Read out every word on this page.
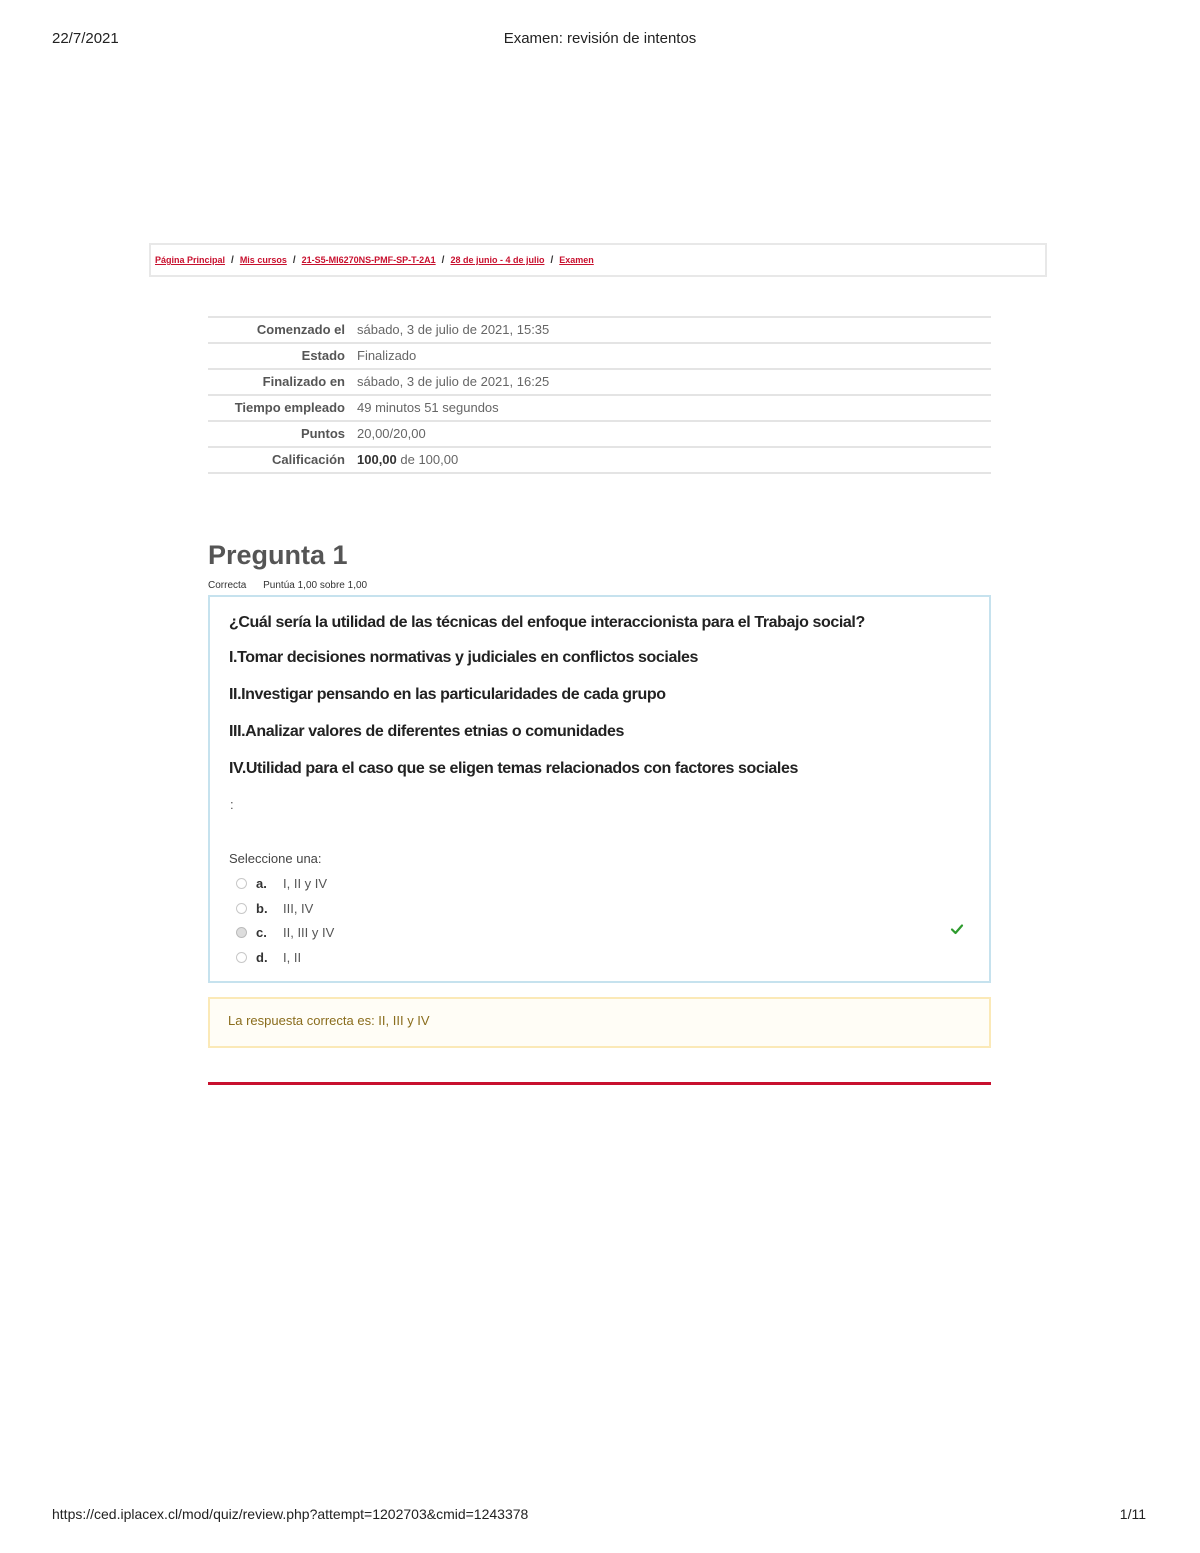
22/7/2021	Examen: revisión de intentos
Página Principal / Mis cursos / 21-S5-MI6270NS-PMF-SP-T-2A1 / 28 de junio - 4 de julio / Examen
Comenzado el	sábado, 3 de julio de 2021, 15:35
Estado	Finalizado
Finalizado en	sábado, 3 de julio de 2021, 16:25
Tiempo empleado	49 minutos 51 segundos
Puntos	20,00/20,00
Calificación	100,00 de 100,00
Pregunta 1
Correcta Puntúa 1,00 sobre 1,00
¿Cuál sería la utilidad de las técnicas del enfoque interaccionista para el Trabajo social?
I.Tomar decisiones normativas y judiciales en conflictos sociales
II.Investigar pensando en las particularidades de cada grupo
III.Analizar valores de diferentes etnias o comunidades
IV.Utilidad para el caso que se eligen temas relacionados con factores sociales
:
Seleccione una:
a.	I, II y IV
b.	III, IV
c.	II, III y IV
d.	I, II
La respuesta correcta es: II, III y IV
https://ced.iplacex.cl/mod/quiz/review.php?attempt=1202703&cmid=1243378	1/11
